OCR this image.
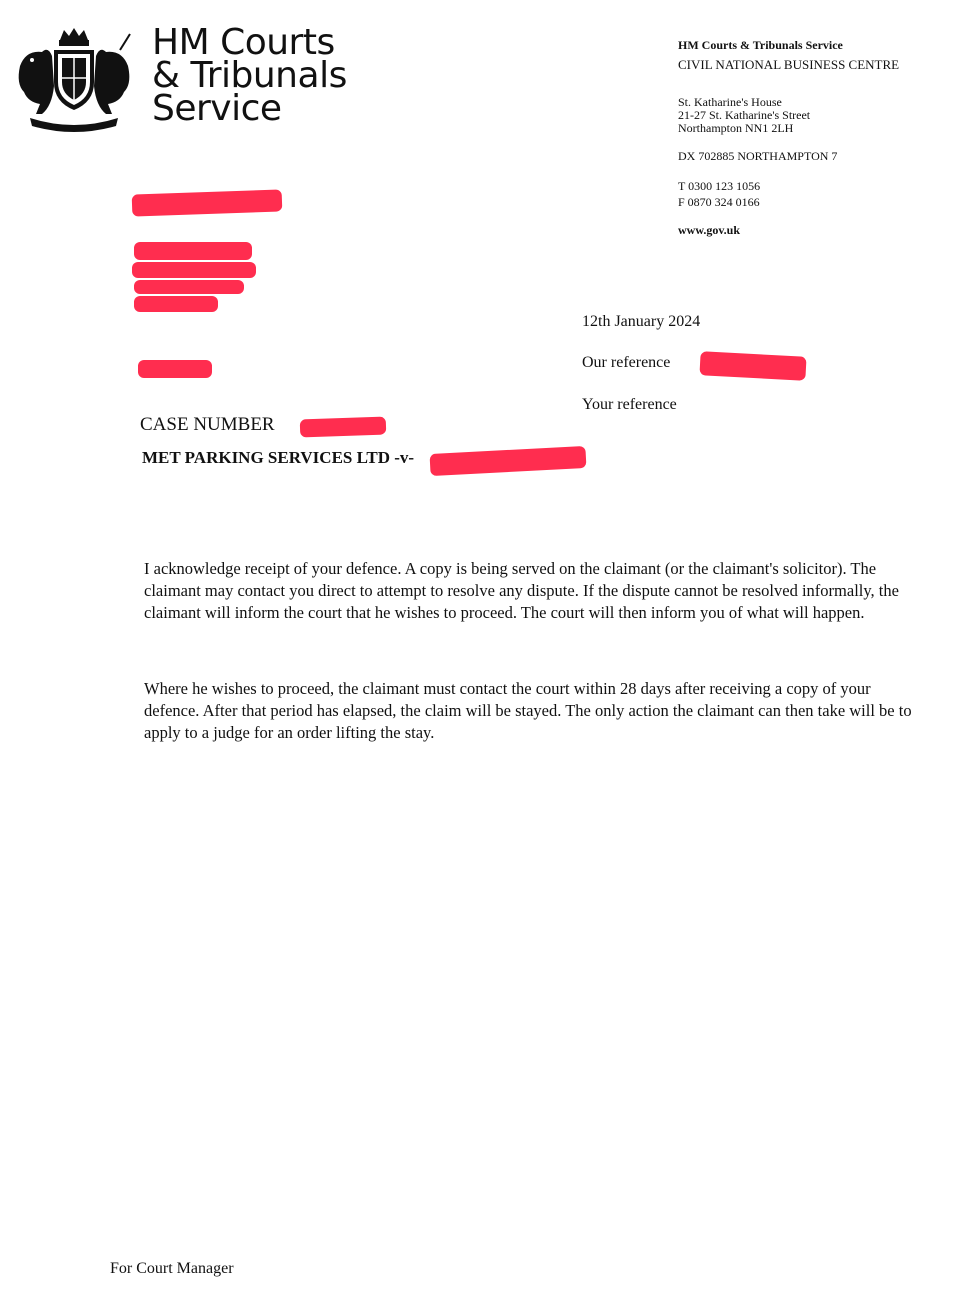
HM Courts
& Tribunals
Service
HM Courts & Tribunals Service
CIVIL NATIONAL BUSINESS CENTRE
St. Katharine's House
21-27 St. Katharine's Street
Northampton NN1 2LH
DX 702885 NORTHAMPTON 7
T 0300 123 1056
F 0870 324 0166
www.gov.uk
12th January 2024
Our reference
Your reference
CASE NUMBER
MET PARKING SERVICES LTD -v-

I acknowledge receipt of your defence. A copy is being served on the claimant (or the claimant's solicitor). The claimant may contact you direct to attempt to resolve any dispute. If the dispute cannot be resolved informally, the claimant will inform the court that he wishes to proceed. The court will then inform you of what will happen.

Where he wishes to proceed, the claimant must contact the court within 28 days after receiving a copy of your defence. After that period has elapsed, the claim will be stayed. The only action the claimant can then take will be to apply to a judge for an order lifting the stay.

For Court Manager
